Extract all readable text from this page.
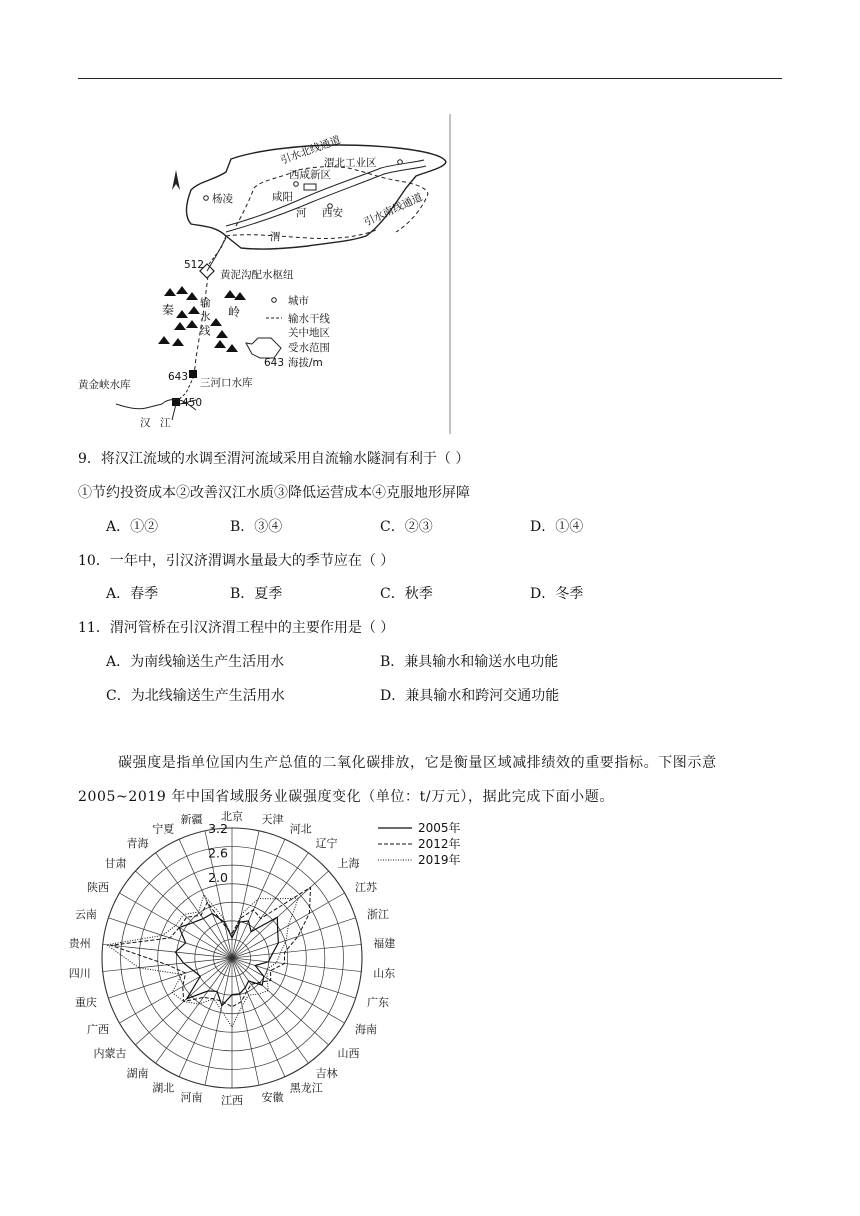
引水北线通道
引水南线通道
渭北工业区
西咸新区
杨凌	咸阳
西安
河
渭
512
黄泥沟配水枢纽
秦	岭
输
水
线
643 三河口水库
黄金峡水库
450
汉 江
城市
输水干线
关中地区
受水范围
643 海拔/m
9．将汉江流域的水调至渭河流域采用自流输水隧洞有利于（ ）
①节约投资成本②改善汉江水质③降低运营成本④克服地形屏障
A．①②	B．③④	C．②③	D．①④
10．一年中，引汉济渭调水量最大的季节应在（ ）
A．春季	B．夏季	C．秋季	D．冬季
11．渭河管桥在引汉济渭工程中的主要作用是（ ）
A．为南线输送生产生活用水	B．兼具输水和输送水电功能
C．为北线输送生产生活用水	D．兼具输水和跨河交通功能
碳强度是指单位国内生产总值的二氧化碳排放，它是衡量区域减排绩效的重要指标。下图示意
2005~2019 年中国省域服务业碳强度变化（单位：t/万元），据此完成下面小题。
北京 天津
河北
辽宁
上海
江苏
浙江
福建
山东
广东
海南
山西
吉林
黑龙江
安徽
江西
河南
湖北
湖南
内蒙古
广西
重庆
四川
贵州
云南
陕西
甘肃
青海
宁夏
新疆
3.2
2.6
2.0
2005年
2012年
2019年
